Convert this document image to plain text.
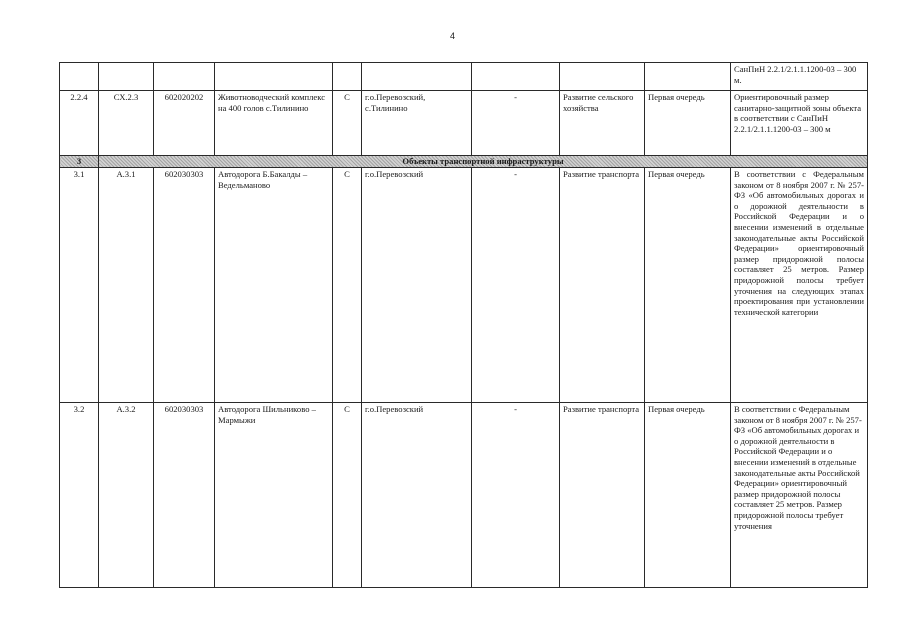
4
									СанПиН 2.2.1/2.1.1.1200-03 – 300 м.
2.2.4	СХ.2.3	602020202	Животноводческий комплекс на 400 голов с.Тилинино	С	г.о.Перевозский, с.Тилинино	-	Развитие сельского хозяйства	Первая очередь	Ориентировочный размер санитарно-защитной зоны объекта в соответствии с СанПиН 2.2.1/2.1.1.1200-03 – 300 м
3	Объекты транспортной инфраструктуры								
3.1	А.3.1	602030303	Автодорога Б.Бакалды – Ведельманово	С	г.о.Перевозский	-	Развитие транспорта	Первая очередь	В соответствии с Федеральным законом от 8 ноября 2007 г. № 257-ФЗ «Об автомобильных дорогах и о дорожной деятельности в Российской Федерации и о внесении изменений в отдельные законодательные акты Российской Федерации» ориентировочный размер придорожной полосы составляет 25 метров. Размер придорожной полосы требует уточнения на следующих этапах проектирования при установлении технической категории
3.2	А.3.2	602030303	Автодорога Шильниково – Мармыжи	С	г.о.Перевозский	-	Развитие транспорта	Первая очередь	В соответствии с Федеральным законом от 8 ноября 2007 г. № 257-ФЗ «Об автомобильных дорогах и о дорожной деятельности в Российской Федерации и о внесении изменений в отдельные законодательные акты Российской Федерации» ориентировочный размер придорожной полосы составляет 25 метров. Размер придорожной полосы требует уточнения
